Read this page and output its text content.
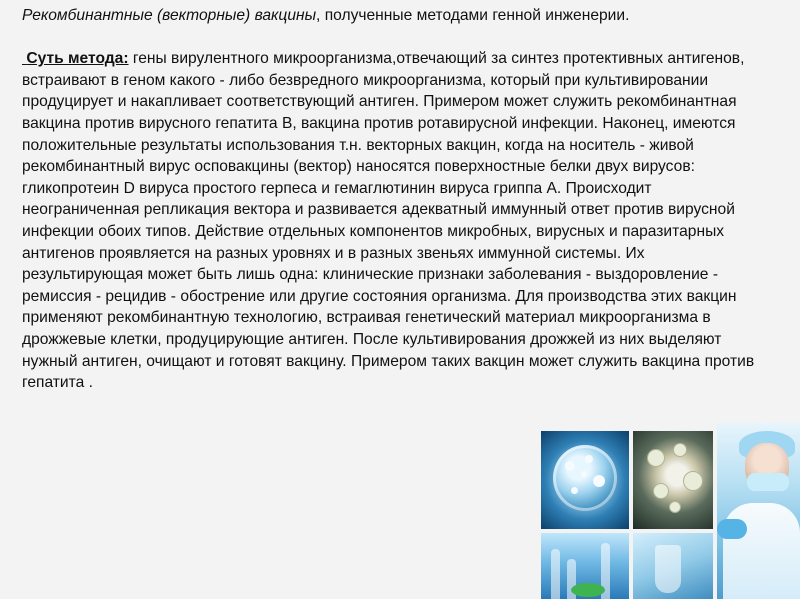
Рекомбинантные (векторные) вакцины, полученные методами генной инженерии.

Суть метода: гены вирулентного микроорганизма,отвечающий за синтез протективных антигенов, встраивают в геном какого - либо безвредного микроорганизма, который при культивировании продуцирует и накапливает соответствующий антиген. Примером может служить рекомбинантная вакцина против вирусного гепатита В, вакцина против ротавирусной инфекции. Наконец, имеются положительные результаты использования т.н. векторных вакцин, когда на носитель - живой рекомбинантный вирус осповакцины (вектор) наносятся поверхностные белки двух вирусов: гликопротеин D вируса простого герпеса и гемаглютинин вируса гриппа А. Происходит неограниченная репликация вектора и развивается адекватный иммунный ответ против вирусной инфекции обоих типов. Действие отдельных компонентов микробных, вирусных и паразитарных антигенов проявляется на разных уровнях и в разных звеньях иммунной системы. Их результирующая может быть лишь одна: клинические признаки заболевания - выздоровление - ремиссия - рецидив - обострение или другие состояния организма. Для производства этих вакцин применяют рекомбинантную технологию, встраивая генетический материал микроорганизма в дрожжевые клетки, продуцирующие антиген. После культивирования дрожжей из них выделяют нужный антиген, очищают и готовят вакцину. Примером таких вакцин может служить вакцина против гепатита .
